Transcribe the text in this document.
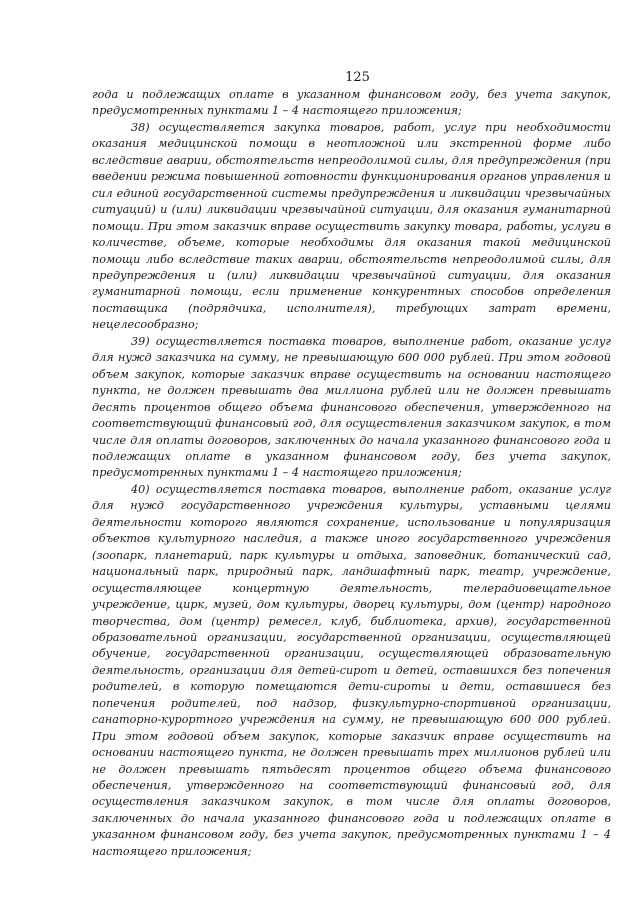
125

года и подлежащих оплате в указанном финансовом году, без учета закупок, предусмотренных пунктами 1 – 4 настоящего приложения;

38) осуществляется закупка товаров, работ, услуг при необходимости оказания медицинской помощи в неотложной или экстренной форме либо вследствие аварии, обстоятельств непреодолимой силы, для предупреждения (при введении режима повышенной готовности функционирования органов управления и сил единой государственной системы предупреждения и ликвидации чрезвычайных ситуаций) и (или) ликвидации чрезвычайной ситуации, для оказания гуманитарной помощи. При этом заказчик вправе осуществить закупку товара, работы, услуги в количестве, объеме, которые необходимы для оказания такой медицинской помощи либо вследствие таких аварии, обстоятельств непреодолимой силы, для предупреждения и (или) ликвидации чрезвычайной ситуации, для оказания гуманитарной помощи, если применение конкурентных способов определения поставщика (подрядчика, исполнителя), требующих затрат времени, нецелесообразно;

39) осуществляется поставка товаров, выполнение работ, оказание услуг для нужд заказчика на сумму, не превышающую 600 000 рублей. При этом годовой объем закупок, которые заказчик вправе осуществить на основании настоящего пункта, не должен превышать два миллиона рублей или не должен превышать десять процентов общего объема финансового обеспечения, утвержденного на соответствующий финансовый год, для осуществления заказчиком закупок, в том числе для оплаты договоров, заключенных до начала указанного финансового года и подлежащих оплате в указанном финансовом году, без учета закупок, предусмотренных пунктами 1 – 4 настоящего приложения;

40) осуществляется поставка товаров, выполнение работ, оказание услуг для нужд государственного учреждения культуры, уставными целями деятельности которого являются сохранение, использование и популяризация объектов культурного наследия, а также иного государственного учреждения (зоопарк, планетарий, парк культуры и отдыха, заповедник, ботанический сад, национальный парк, природный парк, ландшафтный парк, театр, учреждение, осуществляющее концертную деятельность, телерадиовещательное учреждение, цирк, музей, дом культуры, дворец культуры, дом (центр) народного творчества, дом (центр) ремесел, клуб, библиотека, архив), государственной образовательной организации, государственной организации, осуществляющей обучение, государственной организации, осуществляющей образовательную деятельность, организации для детей-сирот и детей, оставшихся без попечения родителей, в которую помещаются дети-сироты и дети, оставшиеся без попечения родителей, под надзор, физкультурно-спортивной организации, санаторно-курортного учреждения на сумму, не превышающую 600 000 рублей. При этом годовой объем закупок, которые заказчик вправе осуществить на основании настоящего пункта, не должен превышать трех миллионов рублей или не должен превышать пятьдесят процентов общего объема финансового обеспечения, утвержденного на соответствующий финансовый год, для осуществления заказчиком закупок, в том числе для оплаты договоров, заключенных до начала указанного финансового года и подлежащих оплате в указанном финансовом году, без учета закупок, предусмотренных пунктами 1 – 4 настоящего приложения;
